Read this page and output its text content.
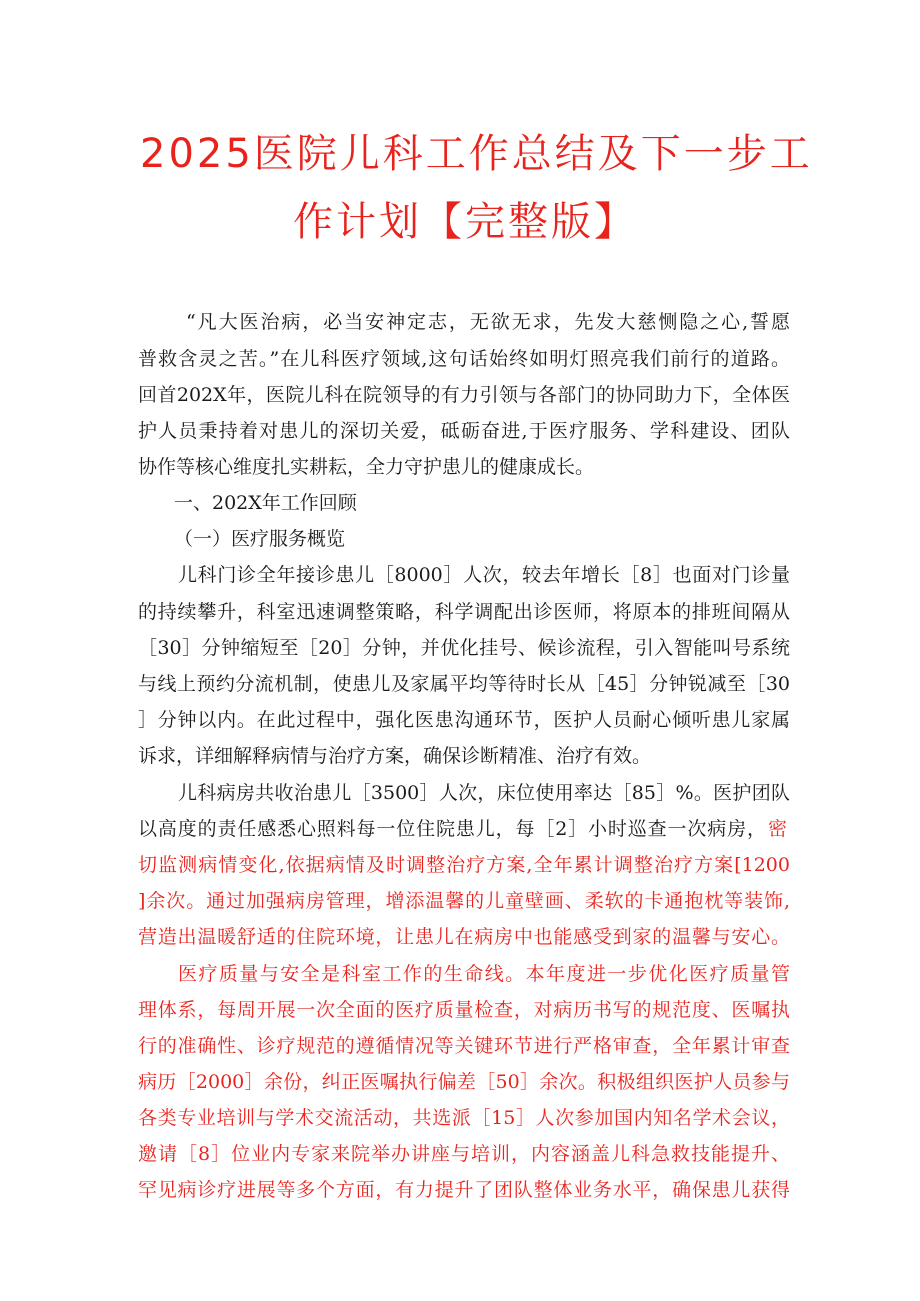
2025医院儿科工作总结及下一步工
作计划【完整版】
“凡大医治病，必当安神定志，无欲无求，先发大慈恻隐之心,誓愿
普救含灵之苦。”在儿科医疗领域,这句话始终如明灯照亮我们前行的道路。
回首202X年，医院儿科在院领导的有力引领与各部门的协同助力下，全体医
护人员秉持着对患儿的深切关爱，砥砺奋进,于医疗服务、学科建设、团队
协作等核心维度扎实耕耘，全力守护患儿的健康成长。
一、202X年工作回顾
（一）医疗服务概览
儿科门诊全年接诊患儿［8000］人次，较去年增长［8］也面对门诊量
的持续攀升，科室迅速调整策略，科学调配出诊医师，将原本的排班间隔从
［30］分钟缩短至［20］分钟，并优化挂号、候诊流程，引入智能叫号系统
与线上预约分流机制，使患儿及家属平均等待时长从［45］分钟锐减至［30
］分钟以内。在此过程中，强化医患沟通环节，医护人员耐心倾听患儿家属
诉求，详细解释病情与治疗方案，确保诊断精准、治疗有效。
儿科病房共收治患儿［3500］人次，床位使用率达［85］%。医护团队
以高度的责任感悉心照料每一位住院患儿，每［2］小时巡查一次病房， 密
切监测病情变化,依据病情及时调整治疗方案,全年累计调整治疗方案[1200
]余次。通过加强病房管理，增添温馨的儿童壁画、柔软的卡通抱枕等装饰,
营造出温暖舒适的住院环境，让患儿在病房中也能感受到家的温馨与安心。
医疗质量与安全是科室工作的生命线。本年度进一步优化医疗质量管
理体系，每周开展一次全面的医疗质量检查，对病历书写的规范度、医嘱执
行的准确性、诊疗规范的遵循情况等关键环节进行严格审查，全年累计审查
病历［2000］余份，纠正医嘱执行偏差［50］余次。积极组织医护人员参与
各类专业培训与学术交流活动，共选派［15］人次参加国内知名学术会议，
邀请［8］位业内专家来院举办讲座与培训，内容涵盖儿科急救技能提升、
罕见病诊疗进展等多个方面，有力提升了团队整体业务水平，确保患儿获得
